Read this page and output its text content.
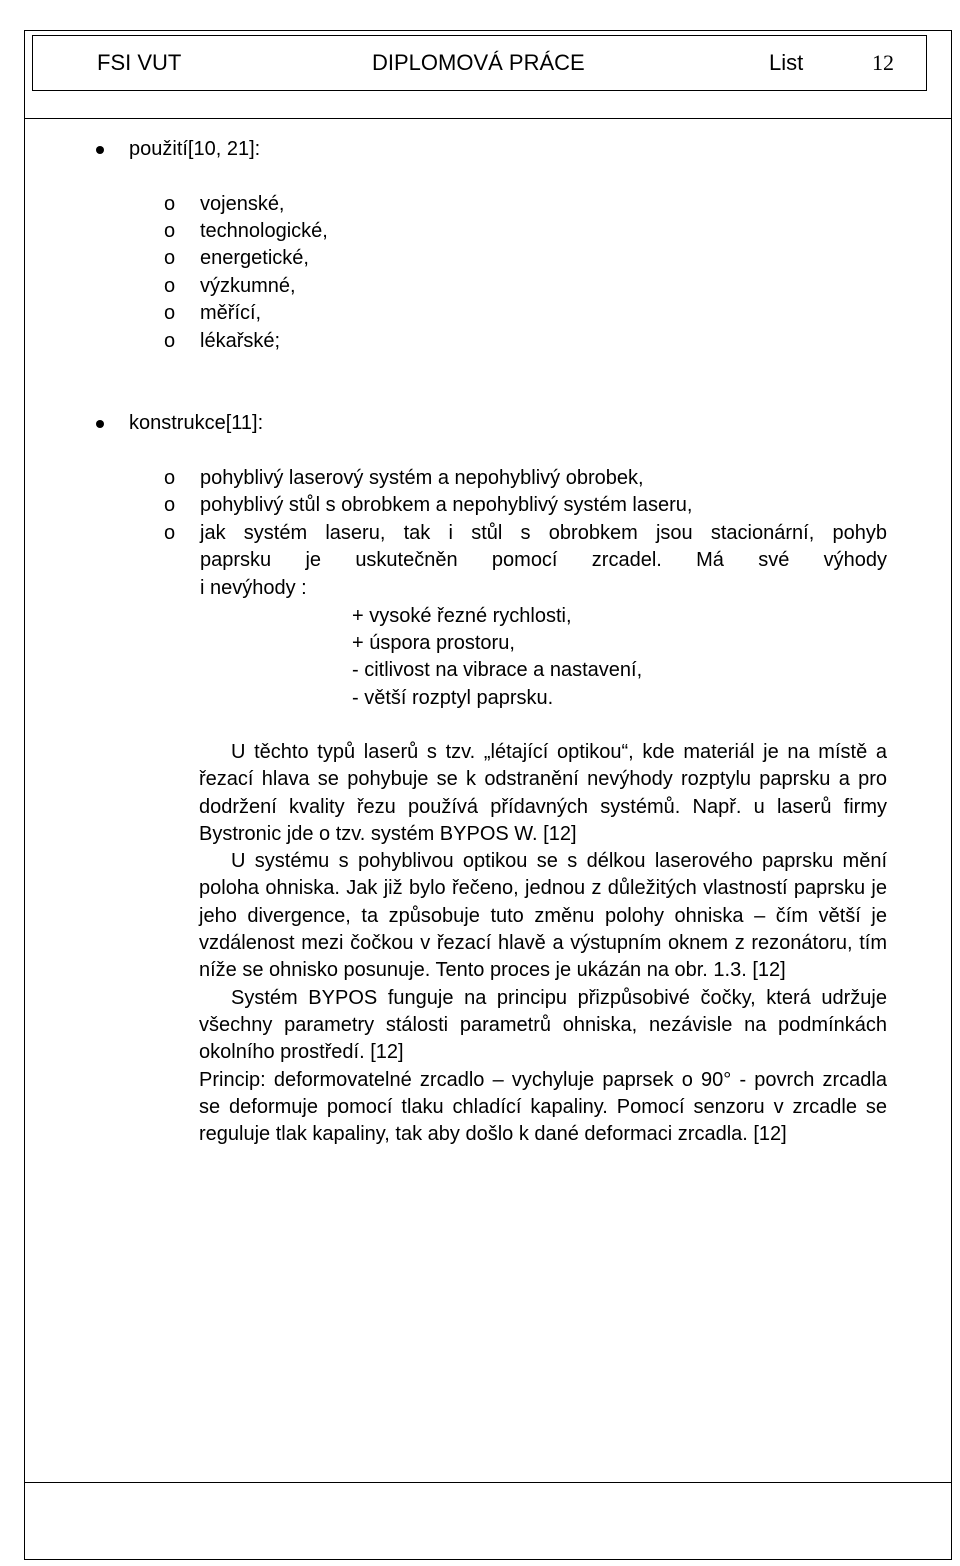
FSI VUT	DIPLOMOVÁ PRÁCE	List	12
použití[10, 21]:
o vojenské,
o technologické,
o energetické,
o výzkumné,
o měřící,
o lékařské;
konstrukce[11]:
o pohyblivý laserový systém a nepohyblivý obrobek,
o pohyblivý stůl s obrobkem a nepohyblivý systém laseru,
o jak systém laseru, tak i stůl s obrobkem jsou stacionární, pohyb
paprsku je uskutečněn pomocí zrcadel. Má své výhody
i nevýhody :
+ vysoké řezné rychlosti,
+ úspora prostoru,
- citlivost na vibrace a nastavení,
- větší rozptyl paprsku.

U těchto typů laserů s tzv. „létající optikou“, kde materiál je na místě a řezací hlava se pohybuje se k odstranění nevýhody rozptylu paprsku a pro dodržení kvality řezu používá přídavných systémů. Např. u laserů firmy Bystronic jde o tzv. systém BYPOS W. [12]

U systému s pohyblivou optikou se s délkou laserového paprsku mění poloha ohniska. Jak již bylo řečeno, jednou z důležitých vlastností paprsku je jeho divergence, ta způsobuje tuto změnu polohy ohniska – čím větší je vzdálenost mezi čočkou v řezací hlavě a výstupním oknem z rezonátoru, tím níže se ohnisko posunuje. Tento proces je ukázán na obr. 1.3. [12]

Systém BYPOS funguje na principu přizpůsobivé čočky, která udržuje všechny parametry stálosti parametrů ohniska, nezávisle na podmínkách okolního prostředí. [12]

Princip: deformovatelné zrcadlo – vychyluje paprsek o 90° - povrch zrcadla se deformuje pomocí tlaku chladící kapaliny. Pomocí senzoru v zrcadle se reguluje tlak kapaliny, tak aby došlo k dané deformaci zrcadla. [12]
